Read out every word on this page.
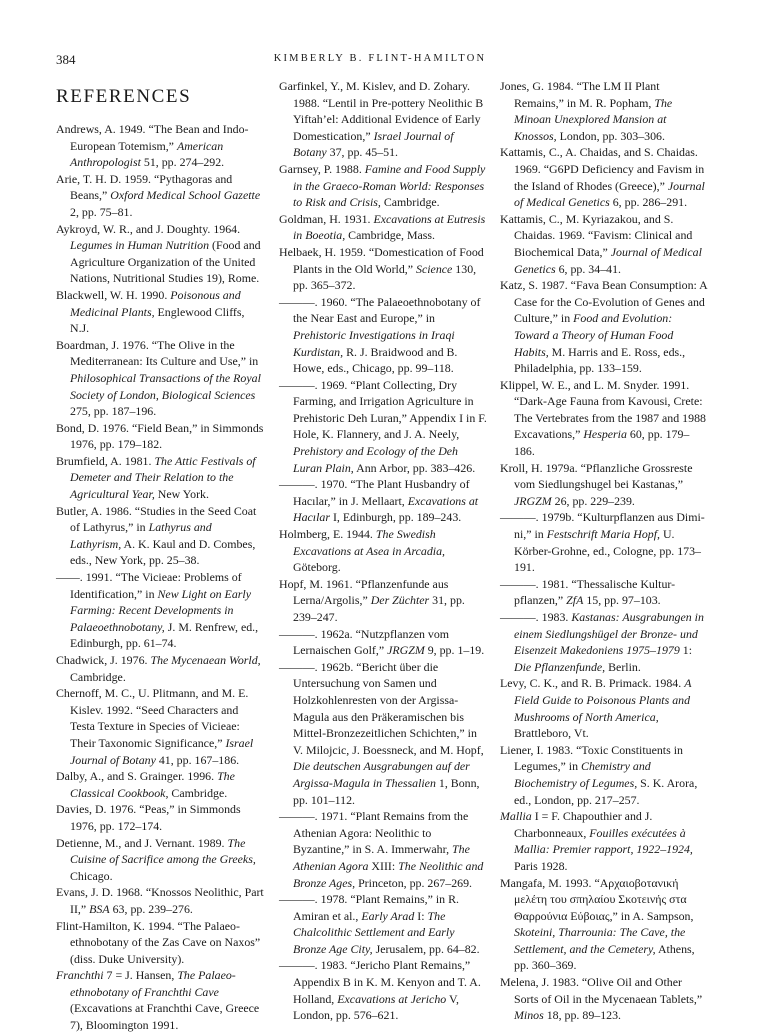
384	KIMBERLY B. FLINT-HAMILTON
REFERENCES

Andrews, A. 1949. “The Bean and Indo-European Totemism,” American Anthropologist 51, pp. 274–292.

Arie, T. H. D. 1959. “Pythagoras and Beans,” Oxford Medical School Gazette 2, pp. 75–81.

Aykroyd, W. R., and J. Doughty. 1964. Legumes in Human Nutrition (Food and Agriculture Organization of the United Nations, Nutritional Studies 19), Rome.

Blackwell, W. H. 1990. Poisonous and Medicinal Plants, Englewood Cliffs, N.J.

Boardman, J. 1976. “The Olive in the Mediterranean: Its Culture and Use,” in Philosophical Transactions of the Royal Society of London, Biological Sciences 275, pp. 187–196.

Bond, D. 1976. “Field Bean,” in Simmonds 1976, pp. 179–182.

Brumfield, A. 1981. The Attic Festivals of Demeter and Their Relation to the Agricultural Year, New York.

Butler, A. 1986. “Studies in the Seed Coat of Lathyrus,” in Lathyrus and Lathyrism, A. K. Kaul and D. Combes, eds., New York, pp. 25–38.

——. 1991. “The Vicieae: Problems of Identification,” in New Light on Early Farming: Recent Developments in Palaeoethnobotany, J. M. Renfrew, ed., Edinburgh, pp. 61–74.

Chadwick, J. 1976. The Mycenaean World, Cambridge.

Chernoff, M. C., U. Plitmann, and M. E. Kislev. 1992. “Seed Characters and Testa Texture in Species of Vicieae: Their Taxonomic Significance,” Israel Journal of Botany 41, pp. 167–186.

Dalby, A., and S. Grainger. 1996. The Classical Cookbook, Cambridge.

Davies, D. 1976. “Peas,” in Simmonds 1976, pp. 172–174.

Detienne, M., and J. Vernant. 1989. The Cuisine of Sacrifice among the Greeks, Chicago.

Evans, J. D. 1968. “Knossos Neolithic, Part II,” BSA 63, pp. 239–276.

Flint-Hamilton, K. 1994. “The Palaeo-ethnobotany of the Zas Cave on Naxos” (diss. Duke University).

Franchthi 7 = J. Hansen, The Palaeo-ethnobotany of Franchthi Cave (Excavations at Franchthi Cave, Greece 7), Bloomington 1991.

Garfinkel, Y., M. Kislev, and D. Zohary. 1988. “Lentil in Pre-pottery Neolithic B Yiftah’el: Additional Evidence of Early Domestication,” Israel Journal of Botany 37, pp. 45–51.

Garnsey, P. 1988. Famine and Food Supply in the Graeco-Roman World: Responses to Risk and Crisis, Cambridge.

Goldman, H. 1931. Excavations at Eutresis in Boeotia, Cambridge, Mass.

Helbaek, H. 1959. “Domestication of Food Plants in the Old World,” Science 130, pp. 365–372.

———. 1960. “The Palaeoethnobotany of the Near East and Europe,” in Prehistoric Investigations in Iraqi Kurdistan, R. J. Braidwood and B. Howe, eds., Chicago, pp. 99–118.

———. 1969. “Plant Collecting, Dry Farming, and Irrigation Agriculture in Prehistoric Deh Luran,” Appendix I in F. Hole, K. Flannery, and J. A. Neely, Prehistory and Ecology of the Deh Luran Plain, Ann Arbor, pp. 383–426.

———. 1970. “The Plant Husbandry of Hacılar,” in J. Mellaart, Excavations at Hacılar I, Edinburgh, pp. 189–243.

Holmberg, E. 1944. The Swedish Excavations at Asea in Arcadia, Göteborg.

Hopf, M. 1961. “Pflanzenfunde aus Lerna/Argolis,” Der Züchter 31, pp. 239–247.

———. 1962a. “Nutzpflanzen vom Lernaischen Golf,” JRGZM 9, pp. 1–19.

———. 1962b. “Bericht über die Untersuchung von Samen und Holzkohlenresten von der Argissa-Magula aus den Präkeramischen bis Mittel-Bronzezeitlichen Schichten,” in V. Milojcic, J. Boessneck, and M. Hopf, Die deutschen Ausgrabungen auf der Argissa-Magula in Thessalien 1, Bonn, pp. 101–112.

———. 1971. “Plant Remains from the Athenian Agora: Neolithic to Byzantine,” in S. A. Immerwahr, The Athenian Agora XIII: The Neolithic and Bronze Ages, Princeton, pp. 267–269.

———. 1978. “Plant Remains,” in R. Amiran et al., Early Arad I: The Chalcolithic Settlement and Early Bronze Age City, Jerusalem, pp. 64–82.

———. 1983. “Jericho Plant Remains,” Appendix B in K. M. Kenyon and T. A. Holland, Excavations at Jericho V, London, pp. 576–621.

Jones, G. 1984. “The LM II Plant Remains,” in M. R. Popham, The Minoan Unexplored Mansion at Knossos, London, pp. 303–306.

Kattamis, C., A. Chaidas, and S. Chaidas. 1969. “G6PD Deficiency and Favism in the Island of Rhodes (Greece),” Journal of Medical Genetics 6, pp. 286–291.

Kattamis, C., M. Kyriazakou, and S. Chaidas. 1969. “Favism: Clinical and Biochemical Data,” Journal of Medical Genetics 6, pp. 34–41.

Katz, S. 1987. “Fava Bean Consumption: A Case for the Co-Evolution of Genes and Culture,” in Food and Evolution: Toward a Theory of Human Food Habits, M. Harris and E. Ross, eds., Philadelphia, pp. 133–159.

Klippel, W. E., and L. M. Snyder. 1991. “Dark-Age Fauna from Kavousi, Crete: The Vertebrates from the 1987 and 1988 Excavations,” Hesperia 60, pp. 179–186.

Kroll, H. 1979a. “Pflanzliche Grossreste vom Siedlungshugel bei Kastanas,” JRGZM 26, pp. 229–239.

———. 1979b. “Kulturpflanzen aus Dimi-ni,” in Festschrift Maria Hopf, U. Körber-Grohne, ed., Cologne, pp. 173–191.

———. 1981. “Thessalische Kultur-pflanzen,” ZfA 15, pp. 97–103.

———. 1983. Kastanas: Ausgrabungen in einem Siedlungshügel der Bronze- und Eisenzeit Makedoniens 1975–1979 1: Die Pflanzenfunde, Berlin.

Levy, C. K., and R. B. Primack. 1984. A Field Guide to Poisonous Plants and Mushrooms of North America, Brattleboro, Vt.

Liener, I. 1983. “Toxic Constituents in Legumes,” in Chemistry and Biochemistry of Legumes, S. K. Arora, ed., London, pp. 217–257.

Mallia I = F. Chapouthier and J. Charbonneaux, Fouilles exécutées à Mallia: Premier rapport, 1922–1924, Paris 1928.

Mangafa, M. 1993. “Αρχαιοβοτανική μελέτη του σπηλαίου Σκοτεινής στα Θαρρούνια Εύβοιας,” in A. Sampson, Skoteini, Tharrounia: The Cave, the Settlement, and the Cemetery, Athens, pp. 360–369.

Melena, J. 1983. “Olive Oil and Other Sorts of Oil in the Mycenaean Tablets,” Minos 18, pp. 89–123.
